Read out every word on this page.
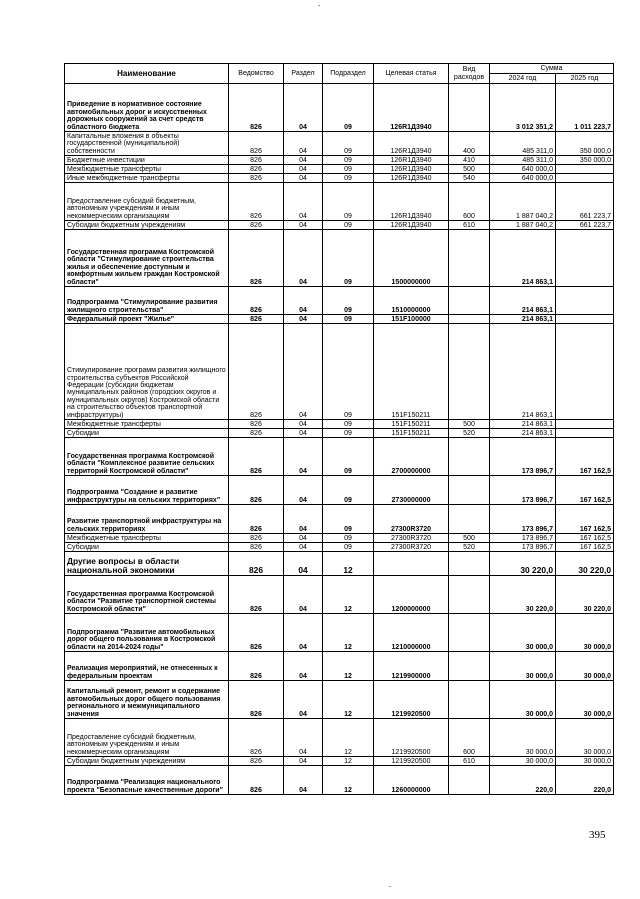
Наименование	Ведомство	Раздел	Подраздел	Целевая статья	Вид расходов	Сумма	
						2024 год	2025 год
Приведение в нормативное состояние автомобильных дорог и искусственных дорожных сооружений за счет средств областного бюджета	826	04	09	126R1Д3940		3 012 351,2	1 011 223,7
Капитальные вложения в объекты государственной (муниципальной) собственности	826	04	09	126R1Д3940	400	485 311,0	350 000,0
Бюджетные инвестиции	826	04	09	126R1Д3940	410	485 311,0	350 000,0
Межбюджетные трансферты	826	04	09	126R1Д3940	500	640 000,0	
Иные межбюджетные трансферты	826	04	09	126R1Д3940	540	640 000,0	
Предоставление субсидий бюджетным, автономным учреждениям и иным некоммерческим организациям	826	04	09	126R1Д3940	600	1 887 040,2	661 223,7
Субсидии бюджетным учреждениям	826	04	09	126R1Д3940	610	1 887 040,2	661 223,7
Государственная программа Костромской области "Стимулирование строительства жилья и обеспечение доступным и комфортным жильем граждан Костромской области"	826	04	09	1500000000		214 863,1	
Подпрограмма "Стимулирование развития жилищного строительства"	826	04	09	1510000000		214 863,1	
Федеральный проект "Жилье"	826	04	09	151F100000		214 863,1	
Стимулирование программ развития жилищного строительства субъектов Российской Федерации (субсидии бюджетам муниципальных районов (городских округов и муниципальных округов) Костромской области на строительство объектов транспортной инфраструктуры)	826	04	09	151F150211		214 863,1	
Межбюджетные трансферты	826	04	09	151F150211	500	214 863,1	
Субсидии	826	04	09	151F150211	520	214 863,1	
Государственная программа Костромской области "Комплексное развитие сельских территорий Костромской области"	826	04	09	2700000000		173 896,7	167 162,5
Подпрограмма "Создание и развитие инфраструктуры на сельских территориях"	826	04	09	2730000000		173 896,7	167 162,5
Развитие транспортной инфраструктуры на сельских территориях	826	04	09	27300R3720		173 896,7	167 162,5
Межбюджетные трансферты	826	04	09	27300R3720	500	173 896,7	167 162,5
Субсидии	826	04	09	27300R3720	520	173 896,7	167 162,5
Другие вопросы в области национальной экономики	826	04	12			30 220,0	30 220,0
Государственная программа Костромской области "Развитие транспортной системы Костромской области"	826	04	12	1200000000		30 220,0	30 220,0
Подпрограмма "Развитие автомобильных дорог общего пользования в Костромской области на 2014-2024 годы"	826	04	12	1210000000		30 000,0	30 000,0
Реализация мероприятий, не отнесенных к федеральным проектам	826	04	12	1219900000		30 000,0	30 000,0
Капитальный ремонт, ремонт и содержание автомобильных дорог общего пользования регионального и межмуниципального значения	826	04	12	1219920500		30 000,0	30 000,0
Предоставление субсидий бюджетным, автономным учреждениям и иным некоммерческим организациям	826	04	12	1219920500	600	30 000,0	30 000,0
Субсидии бюджетным учреждениям	826	04	12	1219920500	610	30 000,0	30 000,0
Подпрограмма "Реализация национального проекта "Безопасные качественные дороги"	826	04	12	1260000000		220,0	220,0
395
